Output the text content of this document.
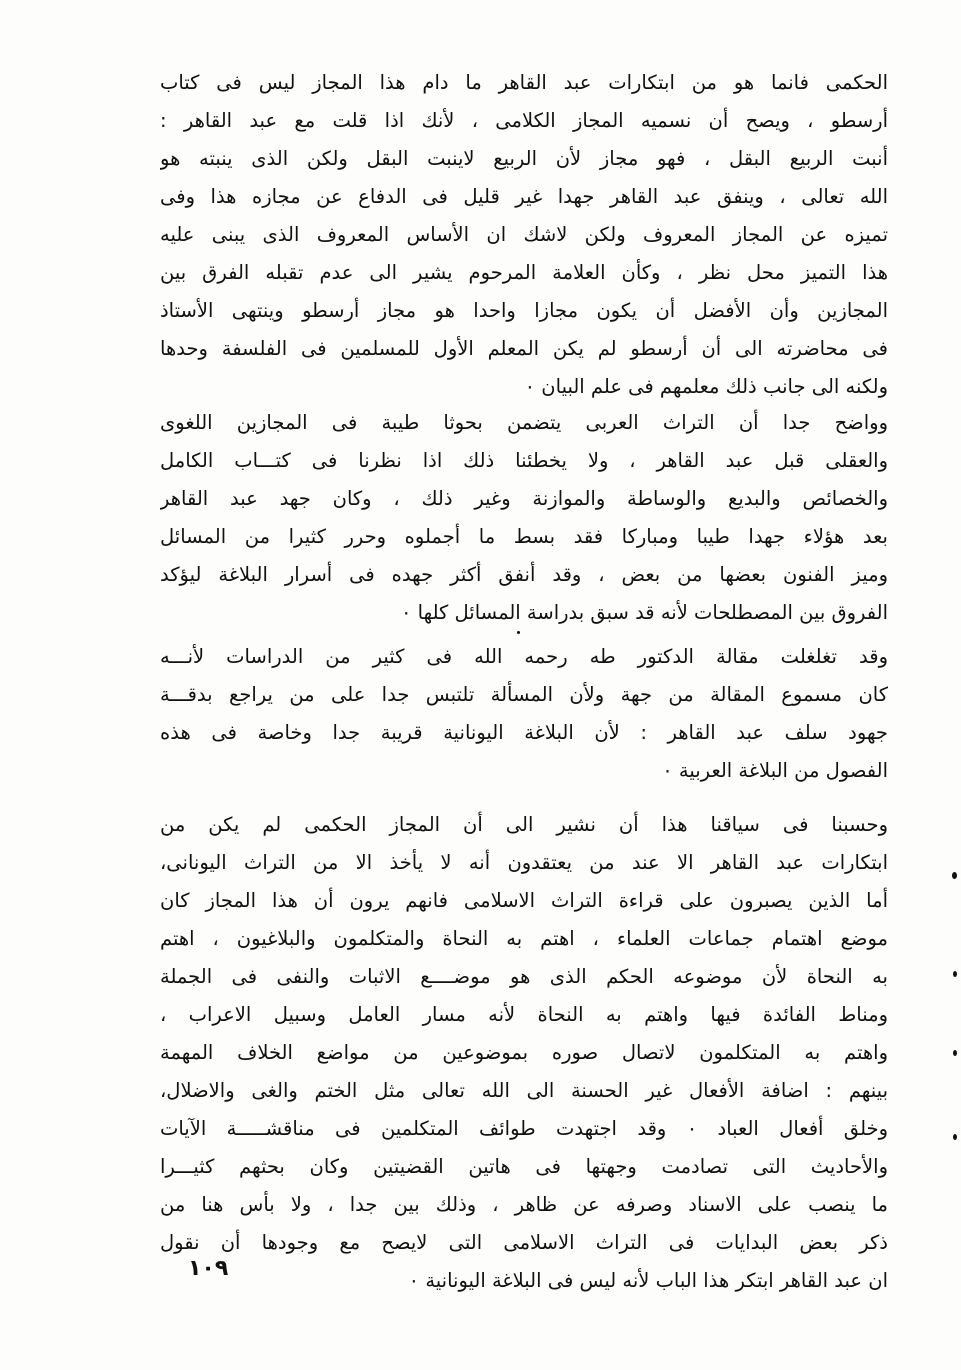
الحكمى فانما هو من ابتكارات عبد القاهر ما دام هذا المجاز ليس فى كتاب
أرسطو ، ويصح أن نسميه المجاز الكلامى ، لأنك اذا قلت مع عبد القاهر :
أنبت الربيع البقل ، فهو مجاز لأن الربيع لاينبت البقل ولكن الذى ينبته هو
الله تعالى ، وينفق عبد القاهر جهدا غير قليل فى الدفاع عن مجازه هذا وفى
تميزه عن المجاز المعروف ولكن لاشك ان الأساس المعروف الذى يبنى عليه
هذا التميز محل نظر ، وكأن العلامة المرحوم يشير الى عدم تقبله الفرق بين
المجازين وأن الأفضل أن يكون مجازا واحدا هو مجاز أرسطو وينتهى الأستاذ
فى محاضرته الى أن أرسطو لم يكن المعلم الأول للمسلمين فى الفلسفة وحدها
ولكنه الى جانب ذلك معلمهم فى علم البيان ٠
وواضح جدا أن التراث العربى يتضمن بحوثا طيبة فى المجازين اللغوى
والعقلى قبل عبد القاهر ، ولا يخطئنا ذلك اذا نظرنا فى كتـــاب الكامل
والخصائص والبديع والوساطة والموازنة وغير ذلك ، وكان جهد عبد القاهر
بعد هؤلاء جهدا طيبا ومباركا فقد بسط ما أجملوه وحرر كثيرا من المسائل
وميز الفنون بعضها من بعض ، وقد أنفق أكثر جهده فى أسرار البلاغة ليؤكد
الفروق بين المصطلحات لأنه قد سبق بدراسة المسائل كلها ٠
وقد تغلغلت مقالة الدكتور طه رحمه الله فى كثير من الدراسات لأنـــه
كان مسموع المقالة من جهة ولأن المسألة تلتبس جدا على من يراجع بدقـــة
جهود سلف عبد القاهر : لأن البلاغة اليونانية قريبة جدا وخاصة فى هذه
الفصول من البلاغة العربية ٠
وحسبنا فى سياقنا هذا أن نشير الى أن المجاز الحكمى لم يكن من
ابتكارات عبد القاهر الا عند من يعتقدون أنه لا يأخذ الا من التراث اليونانى،
أما الذين يصبرون على قراءة التراث الاسلامى فانهم يرون أن هذا المجاز كان
موضع اهتمام جماعات العلماء ، اهتم به النحاة والمتكلمون والبلاغيون ، اهتم
به النحاة لأن موضوعه الحكم الذى هو موضــــع الاثبات والنفى فى الجملة
ومناط الفائدة فيها واهتم به النحاة لأنه مسار العامل وسبيل الاعراب ،
واهتم به المتكلمون لاتصال صوره بموضوعين من مواضع الخلاف المهمة
بينهم : اضافة الأفعال غير الحسنة الى الله تعالى مثل الختم والغى والاضلال،
وخلق أفعال العباد ٠ وقد اجتهدت طوائف المتكلمين فى مناقشـــــة الآيات
والأحاديث التى تصادمت وجهتها فى هاتين القضيتين وكان بحثهم كثيـــرا
ما ينصب على الاسناد وصرفه عن ظاهر ، وذلك بين جدا ، ولا بأس هنا من
ذكر بعض البدايات فى التراث الاسلامى التى لايصح مع وجودها أن نقول
ان عبد القاهر ابتكر هذا الباب لأنه ليس فى البلاغة اليونانية ٠
١٠٩
